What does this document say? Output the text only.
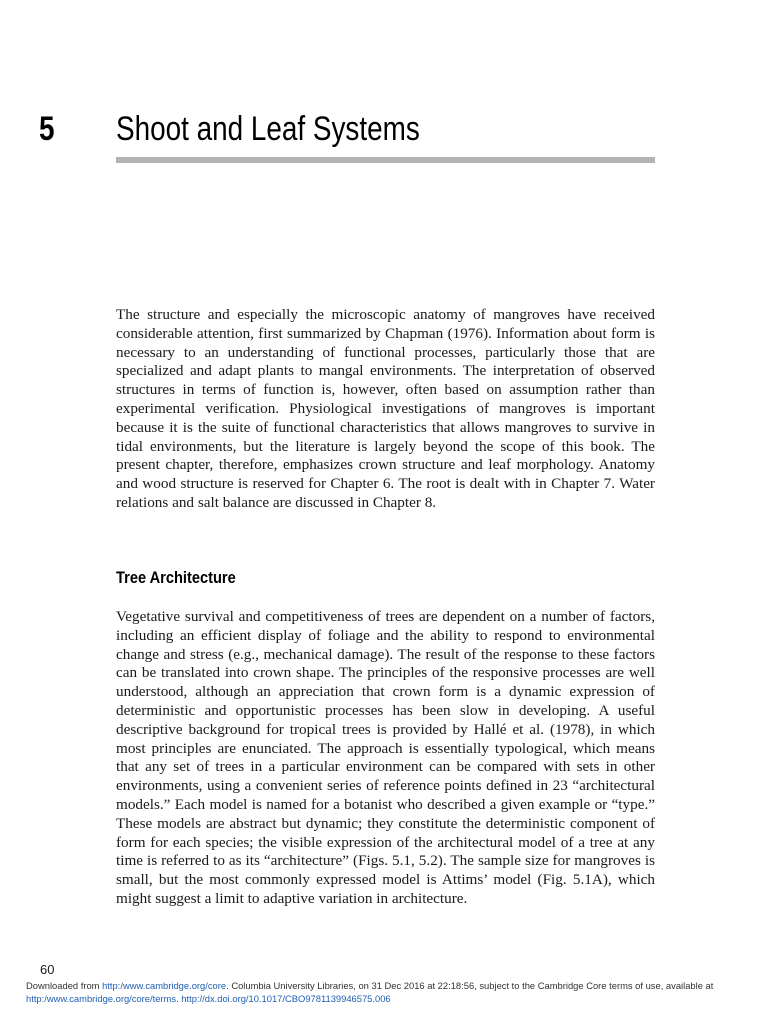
5 Shoot and Leaf Systems

The structure and especially the microscopic anatomy of mangroves have received considerable attention, first summarized by Chapman (1976). Information about form is necessary to an understanding of functional processes, particularly those that are specialized and adapt plants to mangal environments. The interpretation of observed structures in terms of function is, however, often based on assumption rather than experimental verification. Physiological investigations of mangroves is important because it is the suite of functional characteristics that allows mangroves to survive in tidal environments, but the literature is largely beyond the scope of this book. The present chapter, therefore, emphasizes crown structure and leaf morphology. Anatomy and wood structure is reserved for Chapter 6. The root is dealt with in Chapter 7. Water relations and salt balance are discussed in Chapter 8.

Tree Architecture

Vegetative survival and competitiveness of trees are dependent on a number of factors, including an efficient display of foliage and the ability to respond to environmental change and stress (e.g., mechanical damage). The result of the response to these factors can be translated into crown shape. The principles of the responsive processes are well understood, although an appreciation that crown form is a dynamic expression of deterministic and opportunistic processes has been slow in developing. A useful descriptive background for tropical trees is provided by Hallé et al. (1978), in which most principles are enunciated. The approach is essentially typological, which means that any set of trees in a particular environment can be compared with sets in other environments, using a convenient series of reference points defined in 23 “architectural models.” Each model is named for a botanist who described a given example or “type.” These models are abstract but dynamic; they constitute the deterministic component of form for each species; the visible expression of the architectural model of a tree at any time is referred to as its “architecture” (Figs. 5.1, 5.2). The sample size for mangroves is small, but the most commonly expressed model is Attims’ model (Fig. 5.1A), which might suggest a limit to adaptive variation in architecture.

60
Downloaded from http:/www.cambridge.org/core. Columbia University Libraries, on 31 Dec 2016 at 22:18:56, subject to the Cambridge Core terms of use, available at
http:/www.cambridge.org/core/terms. http://dx.doi.org/10.1017/CBO9781139946575.006
